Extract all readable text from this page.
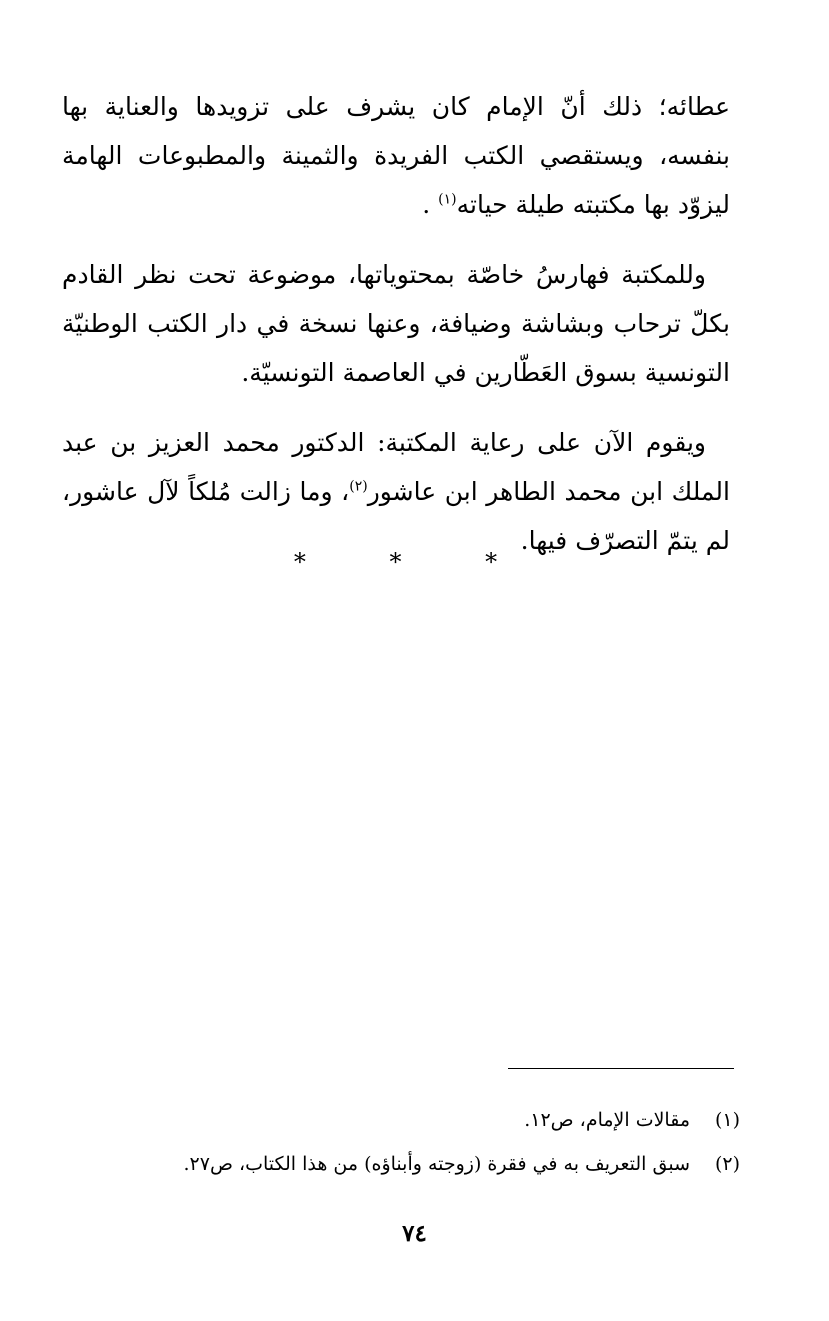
عطائه؛ ذلك أنّ الإمام كان يشرف على تزويدها والعناية بها بنفسه، ويستقصي الكتب الفريدة والثمينة والمطبوعات الهامة ليزوّد بها مكتبته طيلة حياته$^{(١)}$ .

وللمكتبة فهارسُ خاصّة بمحتوياتها، موضوعة تحت نظر القادم بكلّ ترحاب وبشاشة وضيافة، وعنها نسخة في دار الكتب الوطنيّة التونسية بسوق العَطّارين في العاصمة التونسيّة.

ويقوم الآن على رعاية المكتبة: الدكتور محمد العزيز بن عبد الملك ابن محمد الطاهر ابن عاشور$^{(٢)}$، وما زالت مُلكاً لآل عاشور، لم يتمّ التصرّف فيها.

* * *
(١)
مقالات الإمام، ص١٢.
(٢)
سبق التعريف به في فقرة (زوجته وأبناؤه) من هذا الكتاب، ص٢٧.
٧٤
